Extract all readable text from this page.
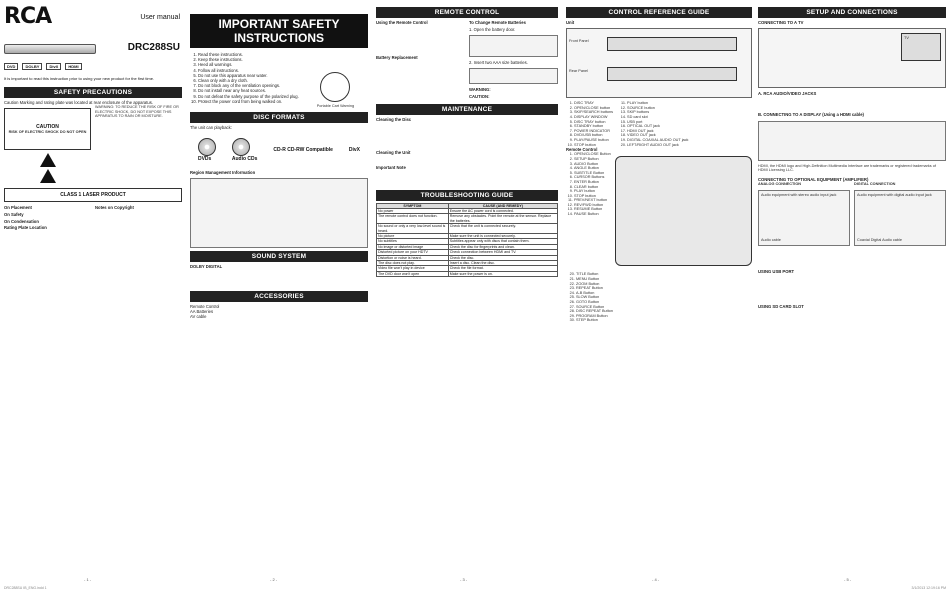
RCA	User manual
DRC288SU
DVD	DOLBY	DivX	HDMI
It is important to read this instruction prior to using your new product for the first time.
SAFETY PRECAUTIONS
Caution Marking and rating plate was located at rear enclosure of the apparatus.
CAUTION
RISK OF ELECTRIC SHOCK DO NOT OPEN
WARNING: TO REDUCE THE RISK OF FIRE OR ELECTRIC SHOCK, DO NOT EXPOSE THIS APPARATUS TO RAIN OR MOISTURE.
CLASS 1 LASER PRODUCT

On Placement

On Safety

On Condensation

Rating Plate Location

Notes on Copyright

- 1 -
IMPORTANT SAFETY INSTRUCTIONS
1. Read these instructions.
2. Keep these instructions.
3. Heed all warnings.
4. Follow all instructions.
5. Do not use this apparatus near water.
6. Clean only with a dry cloth.
7. Do not block any of the ventilation openings.
8. Do not install near any heat sources.
9. Do not defeat the safety purpose of the polarized plug.
10. Protect the power cord from being walked on.
Portable Cart Warning
DISC FORMATS
The unit can playback:
DVDs	Audio CDs
CD-R CD-RW Compatible	DivX
Region Management Information
SOUND SYSTEM
DOLBY DIGITAL
ACCESSORIES
Remote Control
AA Batteries
AV cable
- 2 -
REMOTE CONTROL

Using the Remote Control

Battery Replacement

To Change Remote Batteries

1. Open the battery door.

2. Insert two AAA size batteries.

WARNING:

CAUTION:

MAINTENANCE

Cleaning the Disc

Cleaning the Unit

Important Note

TROUBLESHOOTING GUIDE
SYMPTOM	CAUSE (AND REMEDY)
No power	Ensure the AC power cord is connected.
The remote control does not function.	Remove any obstacles. Point the remote at the sensor. Replace the batteries.
No sound or only a very low-level sound is heard.	Check that the unit is connected securely.
No picture	Make sure the unit is connected securely.
No subtitles	Subtitles appear only with discs that contain them.
No image or distorted image	Check the disc for fingerprints and clean.
Distorted picture on your HDTV	Check connection between HDMI and TV.
Distortion or noise is heard.	Check the disc.
The disc does not play.	Insert a disc. Clean the disc.
Video file won't play in device	Check the file format.
The DVD door won't open	Make sure the power is on.
- 3 -
CONTROL REFERENCE GUIDE
Unit
Front Panel
Rear Panel
1. DISC TRAY
2. OPEN/CLOSE button
3. SKIP/SEARCH buttons
4. DISPLAY WINDOW
5. DISC TRAY button
6. STANDBY button
7. POWER INDICATOR
8. DVD/USB button
9. PLAY/PAUSE button
10. STOP button
11. PLAY button
12. SOURCE button
13. SKIP buttons
14. SD card slot
15. USB port
16. OPTICAL OUT jack
17. HDMI OUT jack
18. VIDEO OUT jack
19. DIGITAL COAXIAL AUDIO OUT jack
20. LEFT/RIGHT AUDIO OUT jack
Remote Control
1. OPEN/CLOSE Button
2. SETUP Button
3. AUDIO Button
4. ANGLE Button
5. SUBTITLE Button
6. CURSOR Buttons
7. ENTER Button
8. CLEAR button
9. PLAY button
10. STOP button
11. PREV/NEXT button
12. REV/FWD button
13. RESUME Button
14. PAUSE Button
20. TITLE Button
21. MENU Button
22. ZOOM Button
23. REPEAT Button
24. A-B Button
25. SLOW Button
26. GOTO Button
27. SOURCE Button
28. DISC REPEAT Button
29. PROGRAM Button
30. STEP Button
- 4 -
SETUP AND CONNECTIONS
CONNECTING TO A TV
TV
A. RCA AUDIO/VIDEO JACKS
B. CONNECTING TO A DISPLAY (Using a HDMI cable)
HDMI, the HDMI logo and High-Definition Multimedia Interface are trademarks or registered trademarks of HDMI Licensing LLC.
CONNECTING TO OPTIONAL EQUIPMENT (AMPLIFIER)
ANALOG CONNECTION
Audio equipment with stereo audio input jack
Audio cable
DIGITAL CONNECTION
Audio equipment with digital audio input jack
Coaxial Digital Audio cable
USING USB PORT
USING SD CARD SLOT
- 5 -
DRC288SU IB_ENG.indd 1	3/1/2013 12:19:16 PM
